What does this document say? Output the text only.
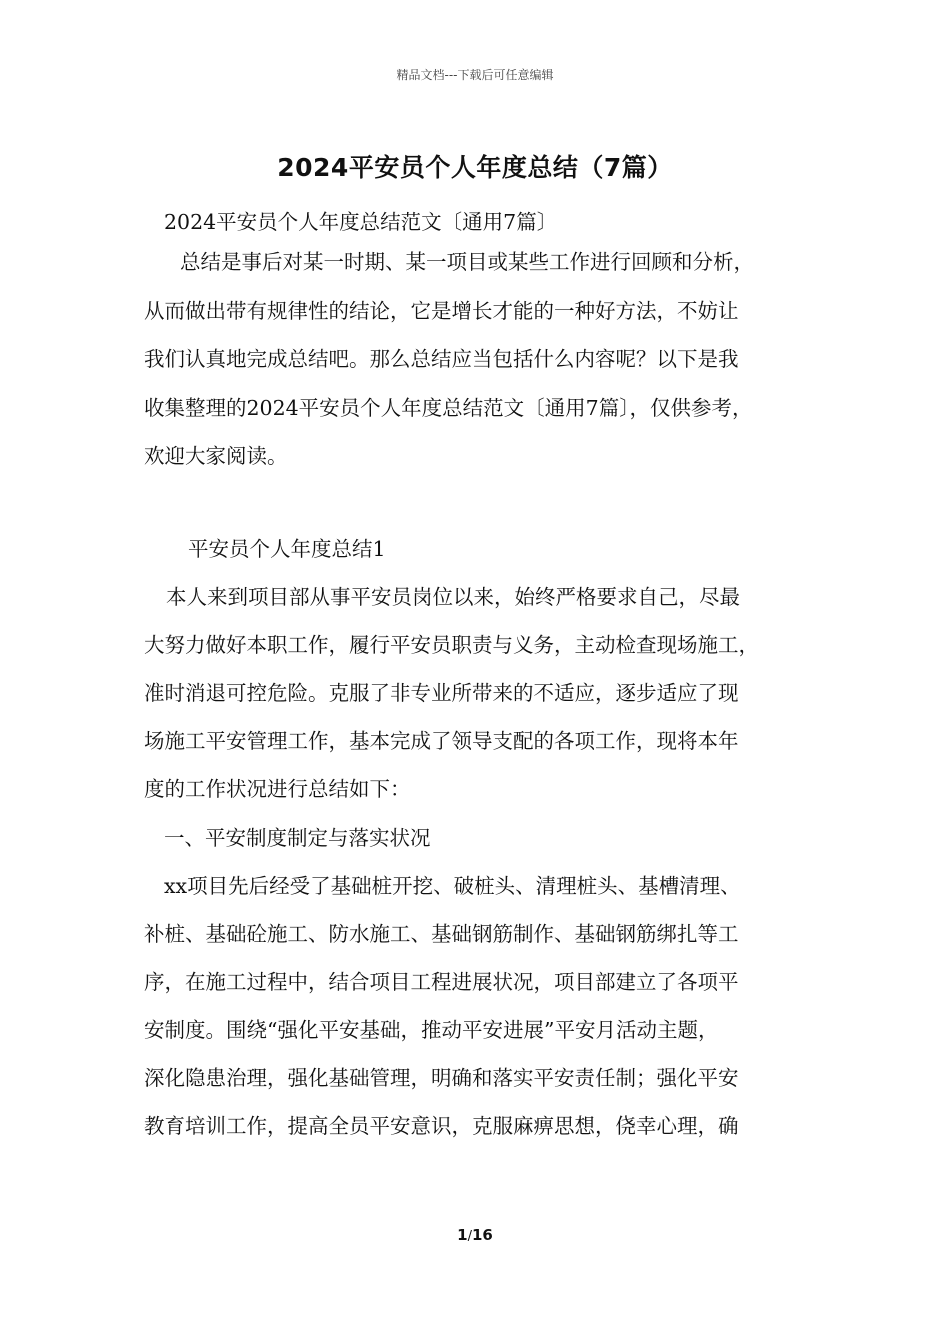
精品文档---下载后可任意编辑
2024平安员个人年度总结（7篇）
2024平安员个人年度总结范文〔通用7篇〕
总结是事后对某一时期、某一项目或某些工作进行回顾和分析，
从而做出带有规律性的结论，它是增长才能的一种好方法，不妨让
我们认真地完成总结吧。那么总结应当包括什么内容呢？以下是我
收集整理的2024平安员个人年度总结范文〔通用7篇〕，仅供参考，
欢迎大家阅读。
平安员个人年度总结1
本人来到项目部从事平安员岗位以来，始终严格要求自己，尽最
大努力做好本职工作，履行平安员职责与义务，主动检查现场施工，
准时消退可控危险。克服了非专业所带来的不适应，逐步适应了现
场施工平安管理工作，基本完成了领导支配的各项工作，现将本年
度的工作状况进行总结如下：
一、平安制度制定与落实状况
xx项目先后经受了基础桩开挖、破桩头、清理桩头、基槽清理、
补桩、基础砼施工、防水施工、基础钢筋制作、基础钢筋绑扎等工
序，在施工过程中，结合项目工程进展状况，项目部建立了各项平
安制度。围绕“强化平安基础，推动平安进展”平安月活动主题，
深化隐患治理，强化基础管理，明确和落实平安责任制；强化平安
教育培训工作，提高全员平安意识，克服麻痹思想，侥幸心理，确
1/16
